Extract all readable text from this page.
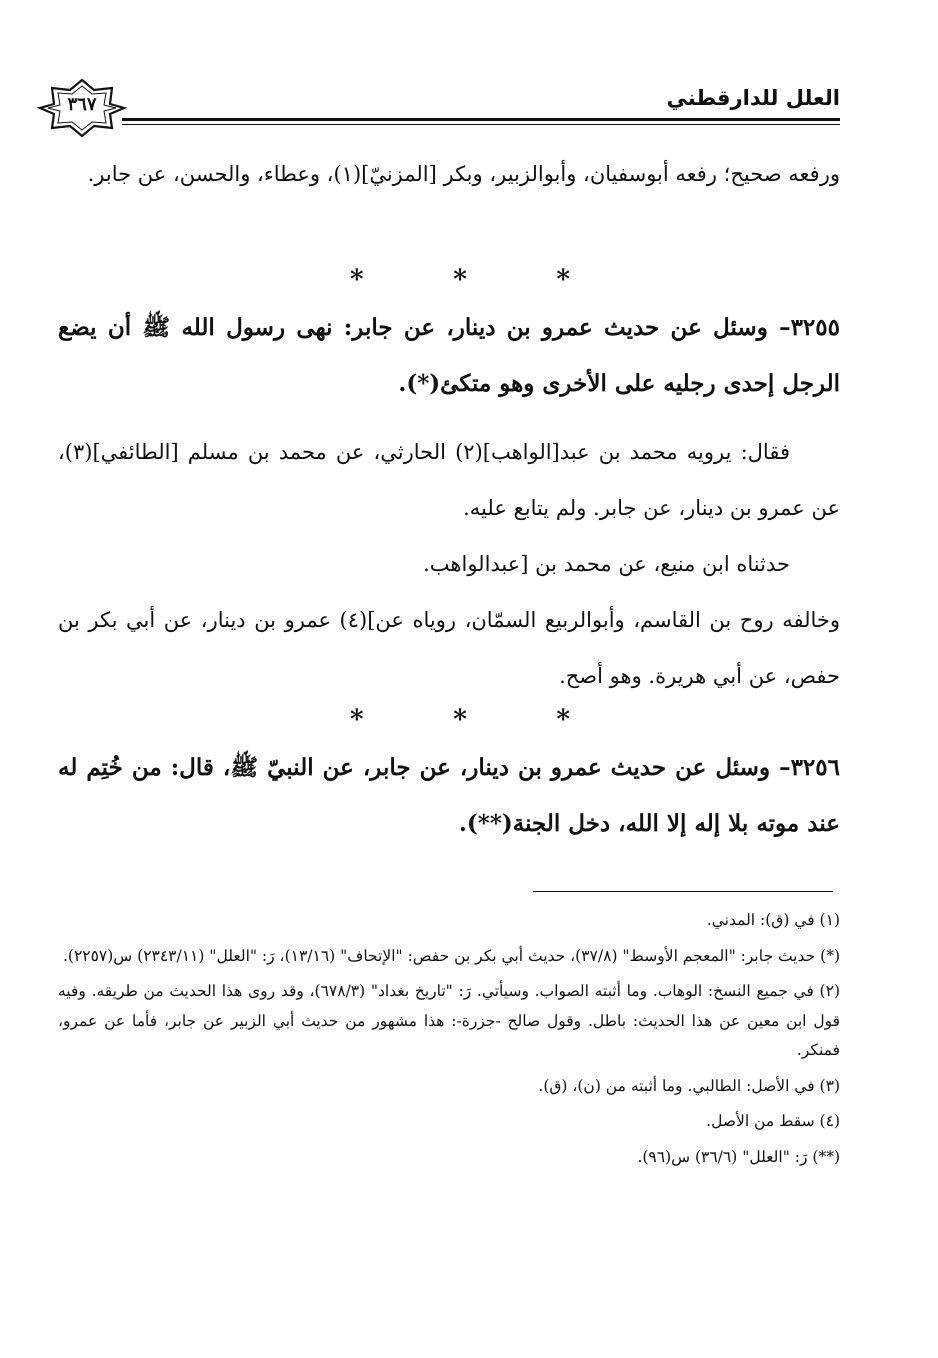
العلل للدارقطني
٣٦٧
ورفعه صحيح؛ رفعه أبوسفيان، وأبوالزبير، وبكر [المزنيّ](١)، وعطاء، والحسن، عن جابر.
*	*	*
٣٢٥٥– وسئل عن حديث عمرو بن دينار، عن جابر: نهى رسول الله ﷺ أن يضع الرجل إحدى رجليه على الأخرى وهو متكئ(*).
فقال: يرويه محمد بن عبد[الواهب](٢) الحارثي، عن محمد بن مسلم [الطائفي](٣)، عن عمرو بن دينار، عن جابر. ولم يتابع عليه.
حدثناه ابن منيع، عن محمد بن [عبدالواهب.
وخالفه روح بن القاسم، وأبوالربيع السمّان، روياه عن](٤) عمرو بن دينار، عن أبي بكر بن حفص، عن أبي هريرة. وهو أصح.
*	*	*
٣٢٥٦– وسئل عن حديث عمرو بن دينار، عن جابر، عن النبيّ ﷺ، قال: من خُتِم له عند موته بلا إله إلا الله، دخل الجنة(**).
(١) في (ق): المدني.
(*) حديث جابر: "المعجم الأوسط" (٣٧/٨)، حديث أبي بكر بن حفص: "الإتحاف" (١٣/١٦)، رَ: "العلل" (٢٣٤٣/١١) س(٢٢٥٧).
(٢) في جميع النسخ: الوهاب. وما أثبته الصواب. وسيأتي. رَ: "تاريخ بغداد" (٦٧٨/٣)، وقد روى هذا الحديث من طريقه. وفيه قول ابن معين عن هذا الحديث: باطل. وقول صالح -جزرة-: هذا مشهور من حديث أبي الزبير عن جابر، فأما عن عمرو، فمنكر.
(٣) في الأصل: الطالبي. وما أثبته من (ن)، (ق).
(٤) سقط من الأصل.
(**) رَ: "العلل" (٣٦/٦) س(٩٦).
